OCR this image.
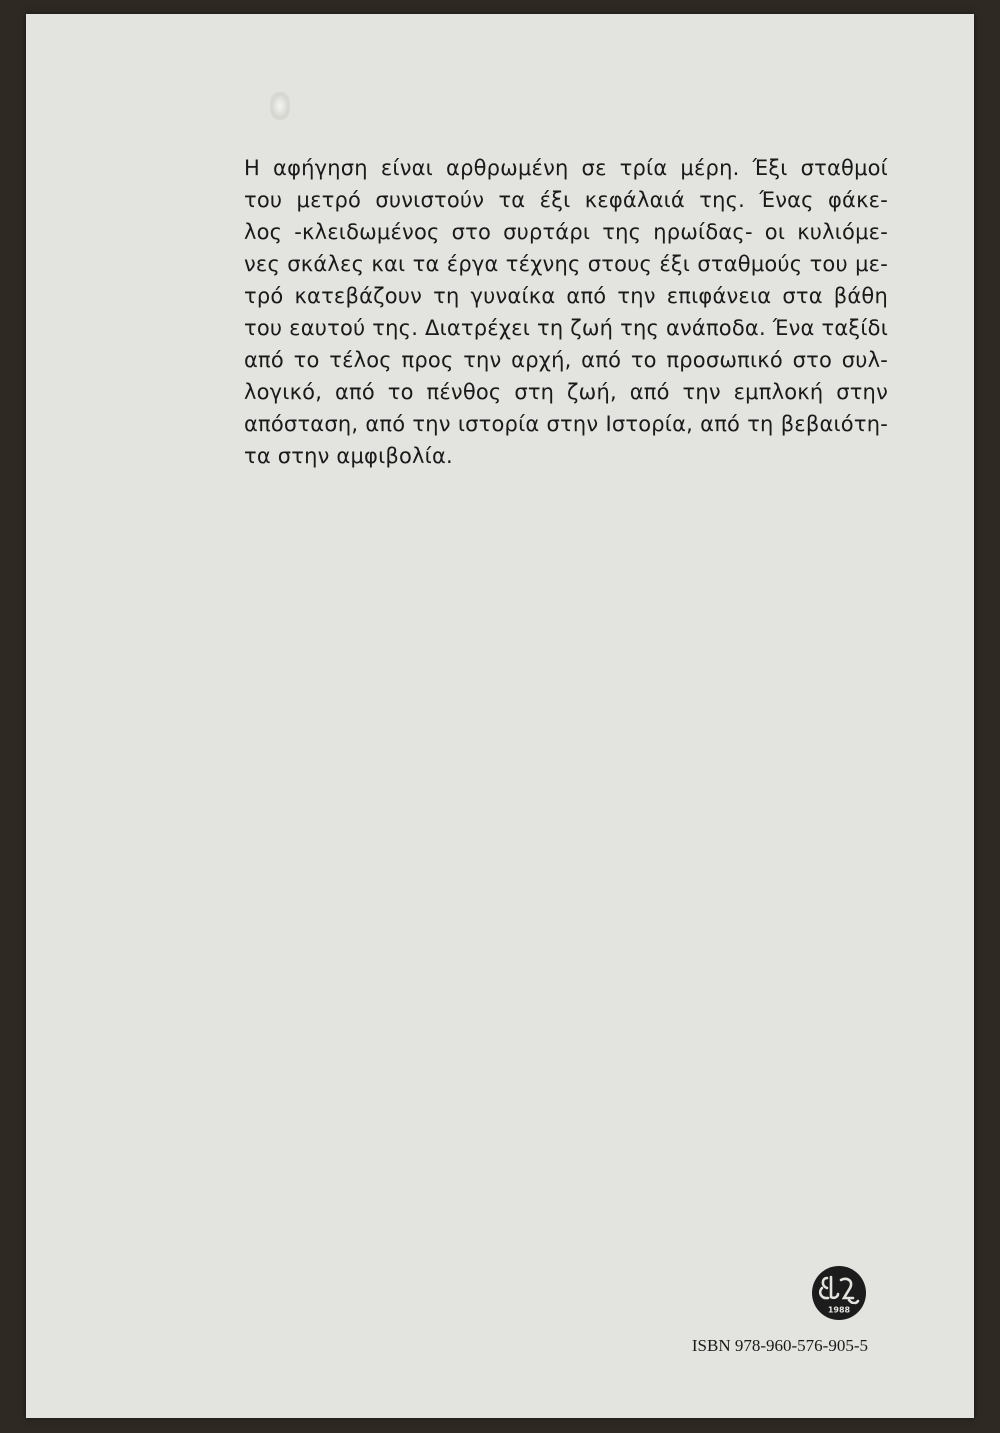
Η αφήγηση είναι αρθρωμένη σε τρία μέρη. Έξι σταθμοί
του μετρό συνιστούν τα έξι κεφάλαιά της. Ένας φάκε-
λος -κλειδωμένος στο συρτάρι της ηρωίδας- οι κυλιόμε-
νες σκάλες και τα έργα τέχνης στους έξι σταθμούς του με-
τρό κατεβάζουν τη γυναίκα από την επιφάνεια στα βάθη
του εαυτού της. Διατρέχει τη ζωή της ανάποδα. Ένα ταξίδι
από το τέλος προς την αρχή, από το προσωπικό στο συλ-
λογικό, από το πένθος στη ζωή, από την εμπλοκή στην
απόσταση, από την ιστορία στην Ιστορία, από τη βεβαιότη-
τα στην αμφιβολία.
1988
ISBN 978-960-576-905-5
